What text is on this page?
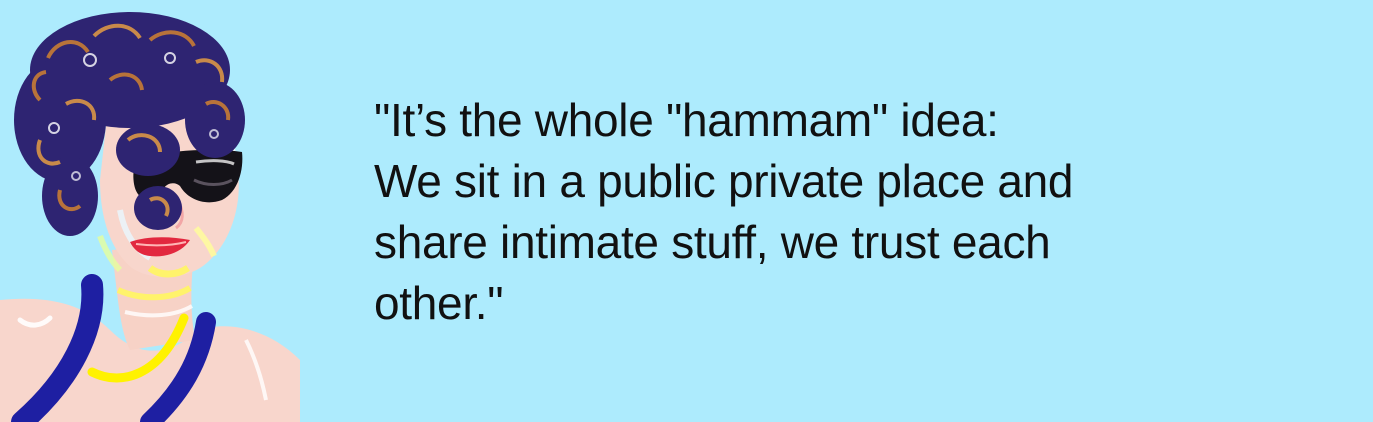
"It’s the whole "hammam" idea:
We sit in a public private place and
share intimate stuff, we trust each
other."
